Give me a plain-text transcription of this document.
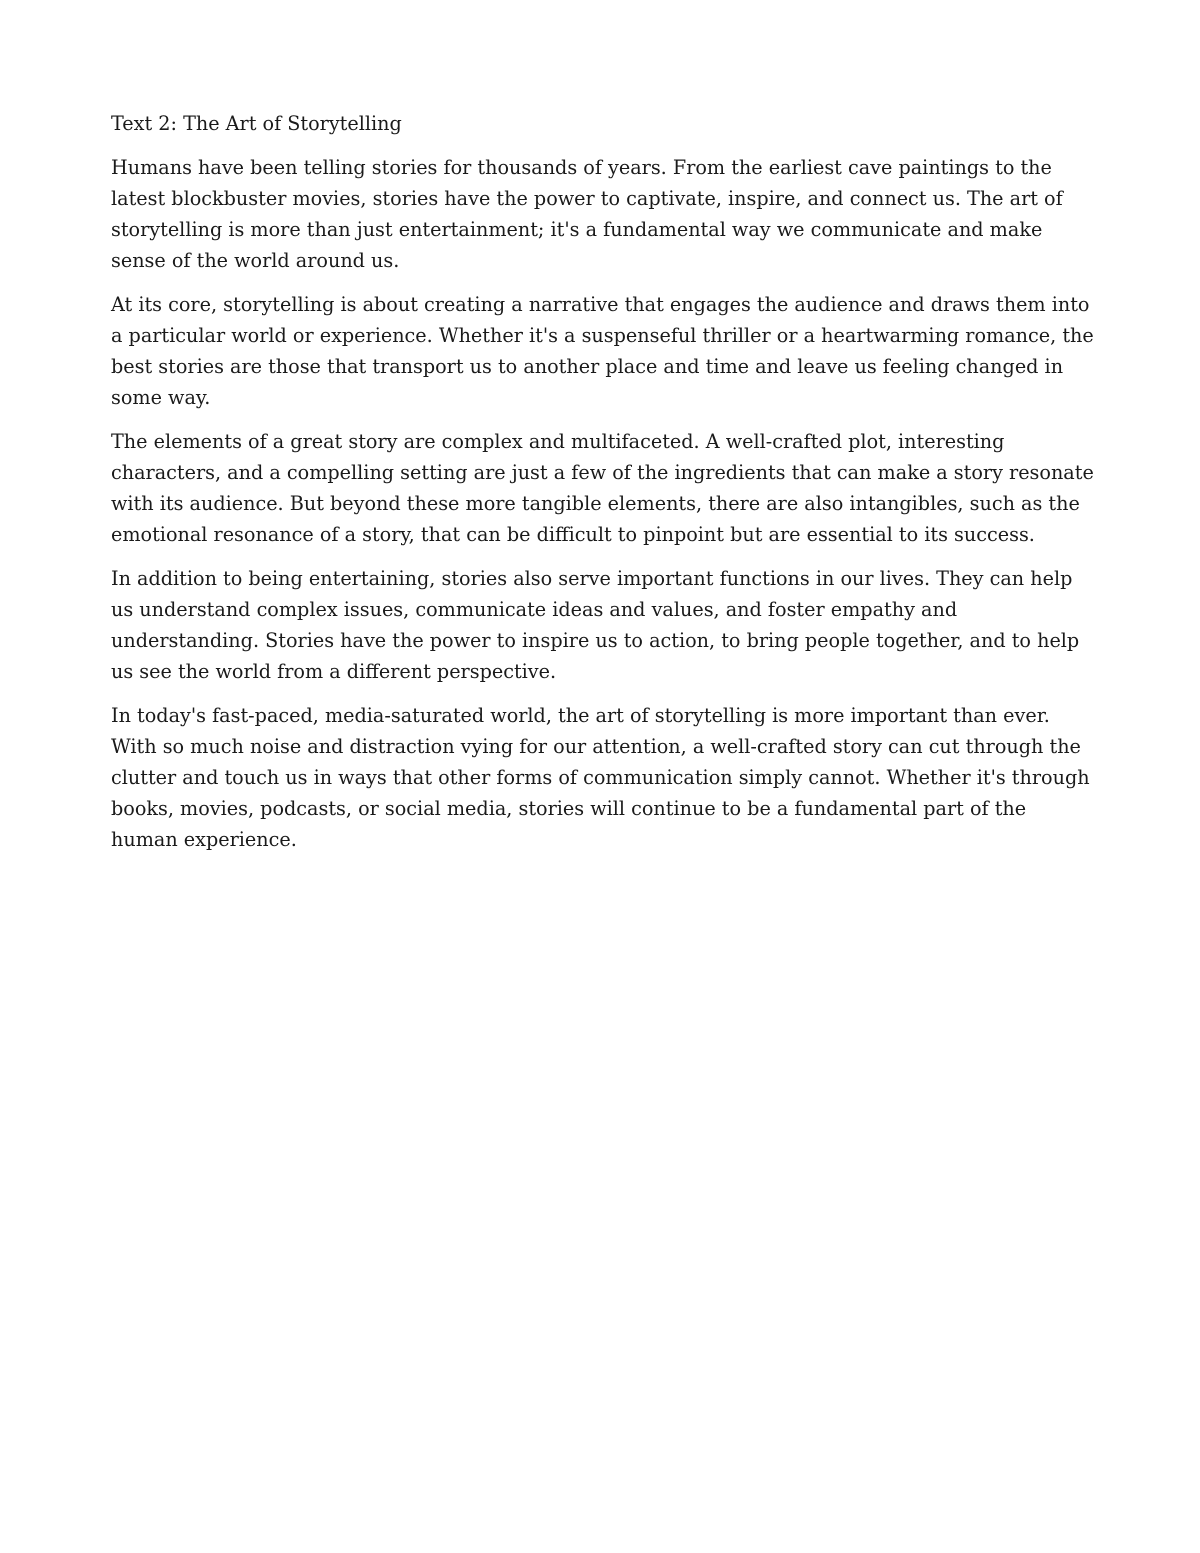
Text 2: The Art of Storytelling

Humans have been telling stories for thousands of years. From the earliest cave paintings to the latest blockbuster movies, stories have the power to captivate, inspire, and connect us. The art of storytelling is more than just entertainment; it's a fundamental way we communicate and make sense of the world around us.

At its core, storytelling is about creating a narrative that engages the audience and draws them into a particular world or experience. Whether it's a suspenseful thriller or a heartwarming romance, the best stories are those that transport us to another place and time and leave us feeling changed in some way.

The elements of a great story are complex and multifaceted. A well-crafted plot, interesting characters, and a compelling setting are just a few of the ingredients that can make a story resonate with its audience. But beyond these more tangible elements, there are also intangibles, such as the emotional resonance of a story, that can be difficult to pinpoint but are essential to its success.

In addition to being entertaining, stories also serve important functions in our lives. They can help us understand complex issues, communicate ideas and values, and foster empathy and understanding. Stories have the power to inspire us to action, to bring people together, and to help us see the world from a different perspective.

In today's fast-paced, media-saturated world, the art of storytelling is more important than ever. With so much noise and distraction vying for our attention, a well-crafted story can cut through the clutter and touch us in ways that other forms of communication simply cannot. Whether it's through books, movies, podcasts, or social media, stories will continue to be a fundamental part of the human experience.
